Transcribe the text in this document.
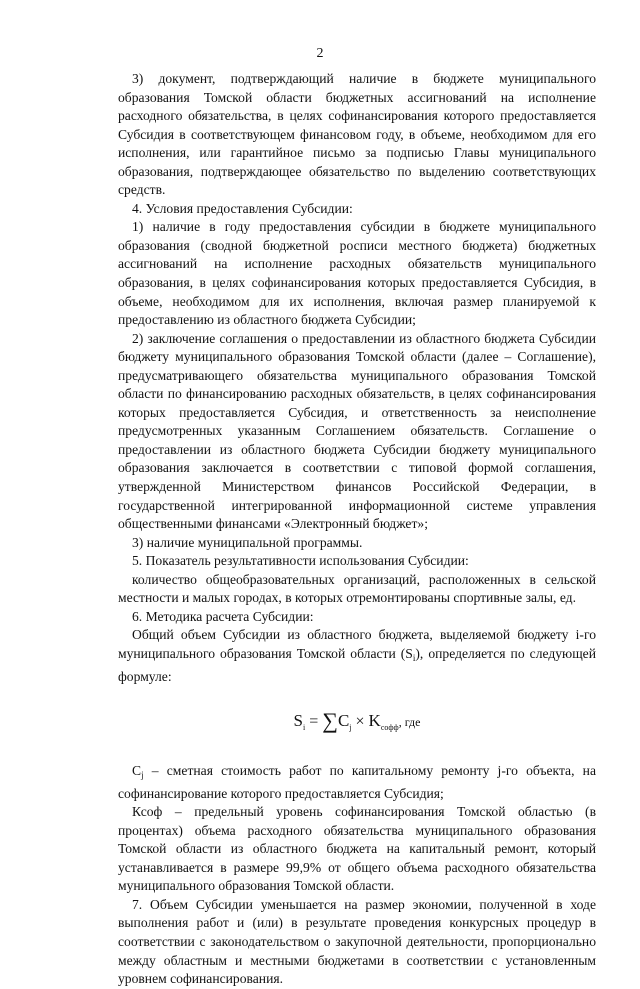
2

3) документ, подтверждающий наличие в бюджете муниципального образования Томской области бюджетных ассигнований на исполнение расходного обязательства, в целях софинансирования которого предоставляется Субсидия в соответствующем финансовом году, в объеме, необходимом для его исполнения, или гарантийное письмо за подписью Главы муниципального образования, подтверждающее обязательство по выделению соответствующих средств.

4. Условия предоставления Субсидии:

1) наличие в году предоставления субсидии в бюджете муниципального образования (сводной бюджетной росписи местного бюджета) бюджетных ассигнований на исполнение расходных обязательств муниципального образования, в целях софинансирования которых предоставляется Субсидия, в объеме, необходимом для их исполнения, включая размер планируемой к предоставлению из областного бюджета Субсидии;

2) заключение соглашения о предоставлении из областного бюджета Субсидии бюджету муниципального образования Томской области (далее – Соглашение), предусматривающего обязательства муниципального образования Томской области по финансированию расходных обязательств, в целях софинансирования которых предоставляется Субсидия, и ответственность за неисполнение предусмотренных указанным Соглашением обязательств. Соглашение о предоставлении из областного бюджета Субсидии бюджету муниципального образования заключается в соответствии с типовой формой соглашения, утвержденной Министерством финансов Российской Федерации, в государственной интегрированной информационной системе управления общественными финансами «Электронный бюджет»;

3) наличие муниципальной программы.

5. Показатель результативности использования Субсидии:

количество общеобразовательных организаций, расположенных в сельской местности и малых городах, в которых отремонтированы спортивные залы, ед.

6. Методика расчета Субсидии:

Общий объем Субсидии из областного бюджета, выделяемой бюджету i-го муниципального образования Томской области $(S_i)$, определяется по следующей формуле:

$S_i = \sum C_j \times K_{софф}$, где

$C_j$ – сметная стоимость работ по капитальному ремонту j-го объекта, на софинансирование которого предоставляется Субсидия;

Ксоф – предельный уровень софинансирования Томской областью (в процентах) объема расходного обязательства муниципального образования Томской области из областного бюджета на капитальный ремонт, который устанавливается в размере 99,9% от общего объема расходного обязательства муниципального образования Томской области.

7. Объем Субсидии уменьшается на размер экономии, полученной в ходе выполнения работ и (или) в результате проведения конкурсных процедур в соответствии с законодательством о закупочной деятельности, пропорционально между областным и местными бюджетами в соответствии с установленным уровнем софинансирования.
